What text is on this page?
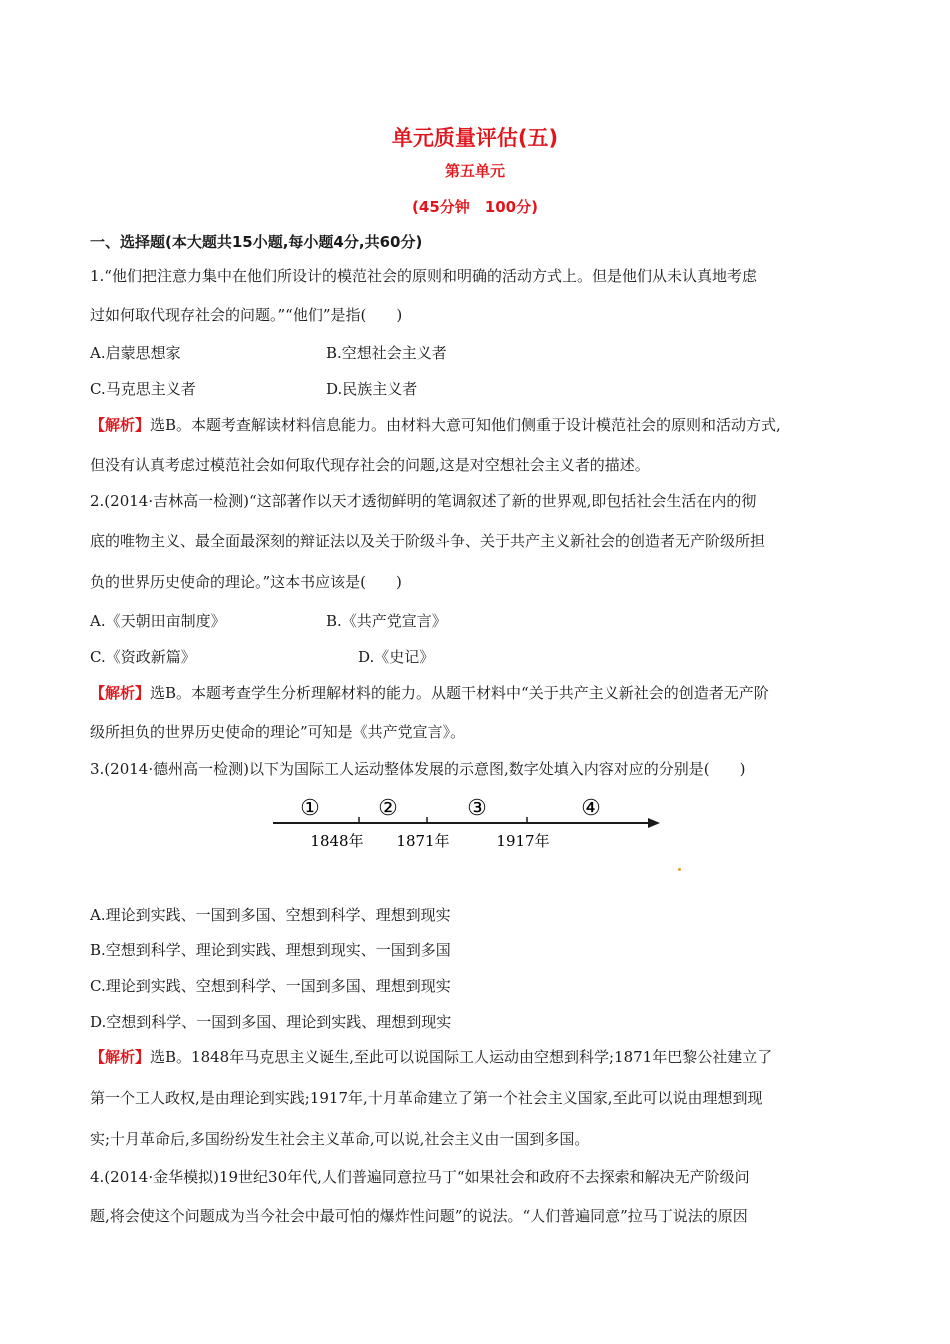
单元质量评估(五)
第五单元
(45分钟　100分)
一、选择题(本大题共15小题,每小题4分,共60分)
1.“他们把注意力集中在他们所设计的模范社会的原则和明确的活动方式上。但是他们从未认真地考虑
过如何取代现存社会的问题。”“他们”是指(　　)
A.启蒙思想家	B.空想社会主义者
C.马克思主义者	D.民族主义者
【解析】选B。本题考查解读材料信息能力。由材料大意可知他们侧重于设计模范社会的原则和活动方式,
但没有认真考虑过模范社会如何取代现存社会的问题,这是对空想社会主义者的描述。
2.(2014·吉林高一检测)“这部著作以天才透彻鲜明的笔调叙述了新的世界观,即包括社会生活在内的彻
底的唯物主义、最全面最深刻的辩证法以及关于阶级斗争、关于共产主义新社会的创造者无产阶级所担
负的世界历史使命的理论。”这本书应该是(　　)
A.《天朝田亩制度》	B.《共产党宣言》
C.《资政新篇》	D.《史记》
【解析】选B。本题考查学生分析理解材料的能力。从题干材料中“关于共产主义新社会的创造者无产阶
级所担负的世界历史使命的理论”可知是《共产党宣言》。
3.(2014·德州高一检测)以下为国际工人运动整体发展的示意图,数字处填入内容对应的分别是(　　)
①	②	③	④
1848年 1871年	1917年
A.理论到实践、一国到多国、空想到科学、理想到现实
B.空想到科学、理论到实践、理想到现实、一国到多国
C.理论到实践、空想到科学、一国到多国、理想到现实
D.空想到科学、一国到多国、理论到实践、理想到现实
【解析】选B。1848年马克思主义诞生,至此可以说国际工人运动由空想到科学;1871年巴黎公社建立了
第一个工人政权,是由理论到实践;1917年,十月革命建立了第一个社会主义国家,至此可以说由理想到现
实;十月革命后,多国纷纷发生社会主义革命,可以说,社会主义由一国到多国。
4.(2014·金华模拟)19世纪30年代,人们普遍同意拉马丁“如果社会和政府不去探索和解决无产阶级问
题,将会使这个问题成为当今社会中最可怕的爆炸性问题”的说法。“人们普遍同意”拉马丁说法的原因
